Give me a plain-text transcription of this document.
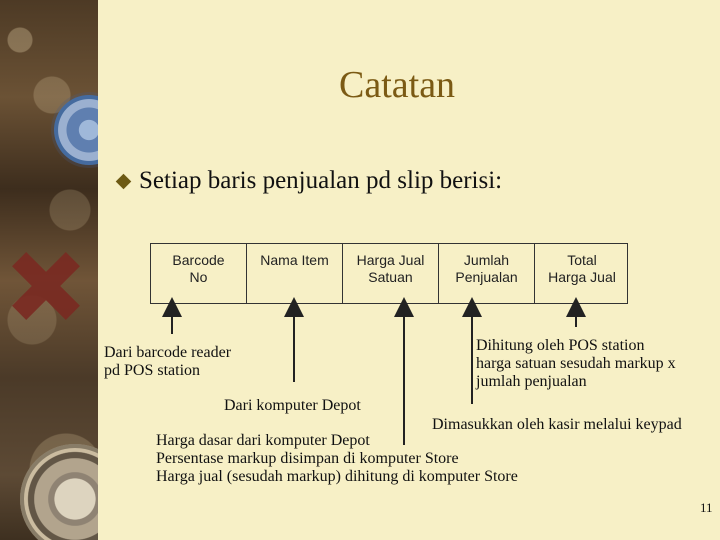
Catatan
Setiap baris penjualan pd slip berisi:
Barcode
No
Nama Item	Harga Jual
Satuan
Jumlah
Penjualan
Total
Harga Jual
Dari barcode reader
pd POS station
Dari komputer Depot
Dihitung oleh POS station
harga satuan sesudah markup x
jumlah penjualan
Dimasukkan oleh kasir melalui keypad
Harga dasar dari komputer Depot
Persentase markup disimpan di komputer Store
Harga jual (sesudah markup) dihitung di komputer Store
11
